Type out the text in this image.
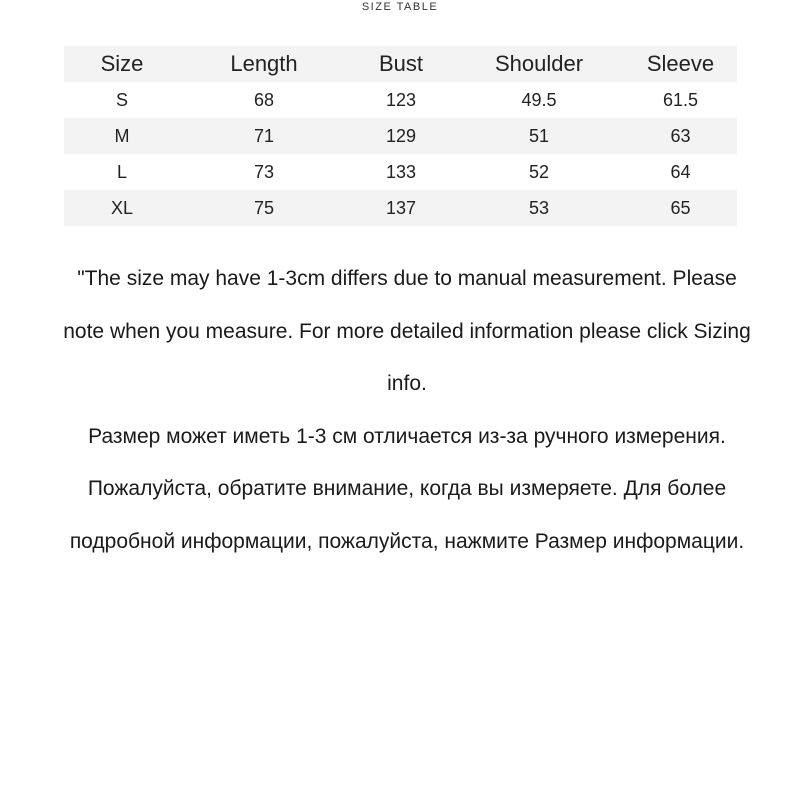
SIZE TABLE
Size	Length	Bust	Shoulder	Sleeve
S	68	123	49.5	61.5
M	71	129	51	63
L	73	133	52	64
XL	75	137	53	65

"The size may have 1-3cm differs due to manual measurement. Please note when you measure. For more detailed information please click Sizing info.

Размер может иметь 1-3 см отличается из-за ручного измерения. Пожалуйста, обратите внимание, когда вы измеряете. Для более подробной информации, пожалуйста, нажмите Размер информации.
